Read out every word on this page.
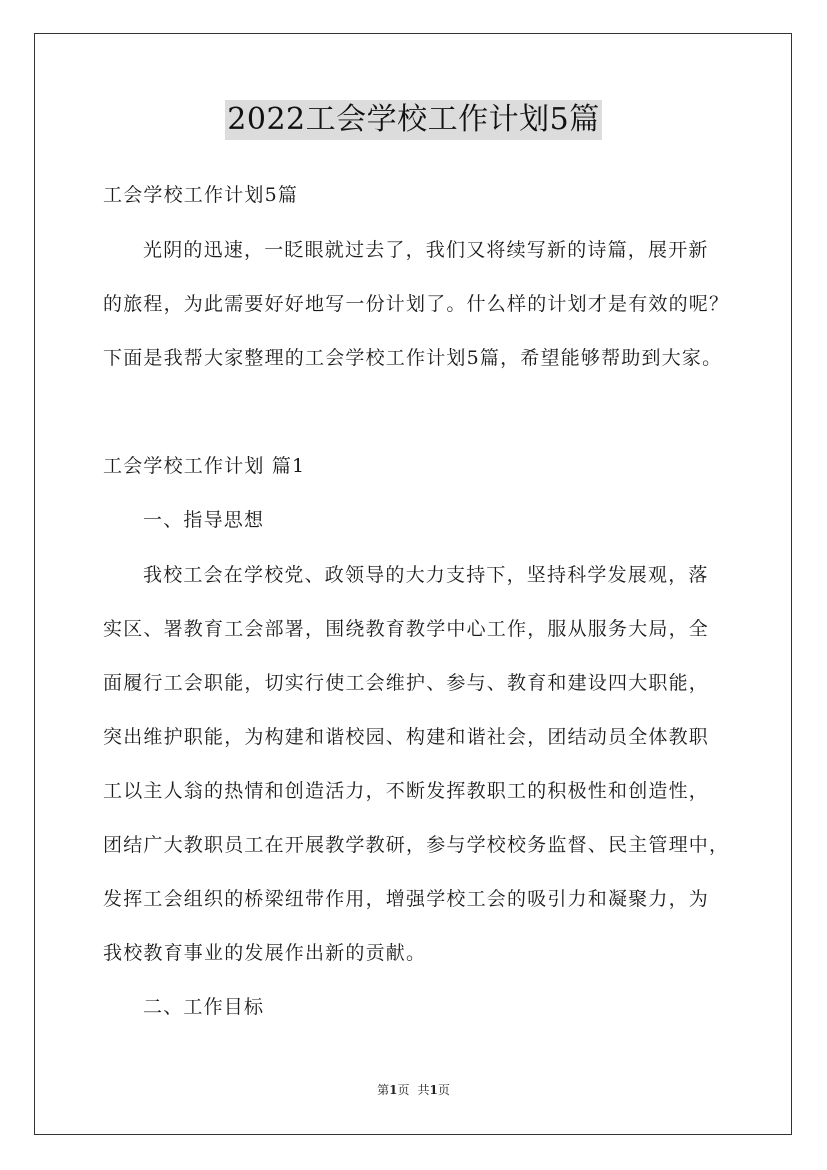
2022工会学校工作计划5篇
工会学校工作计划5篇
光阴的迅速，一眨眼就过去了，我们又将续写新的诗篇，展开新
的旅程，为此需要好好地写一份计划了。什么样的计划才是有效的呢？
下面是我帮大家整理的工会学校工作计划5篇，希望能够帮助到大家。
工会学校工作计划 篇1
一、指导思想
我校工会在学校党、政领导的大力支持下，坚持科学发展观，落
实区、署教育工会部署，围绕教育教学中心工作，服从服务大局，全
面履行工会职能，切实行使工会维护、参与、教育和建设四大职能，
突出维护职能，为构建和谐校园、构建和谐社会，团结动员全体教职
工以主人翁的热情和创造活力，不断发挥教职工的积极性和创造性，
团结广大教职员工在开展教学教研，参与学校校务监督、民主管理中，
发挥工会组织的桥梁纽带作用，增强学校工会的吸引力和凝聚力，为
我校教育事业的发展作出新的贡献。
二、工作目标
第1页 共1页
